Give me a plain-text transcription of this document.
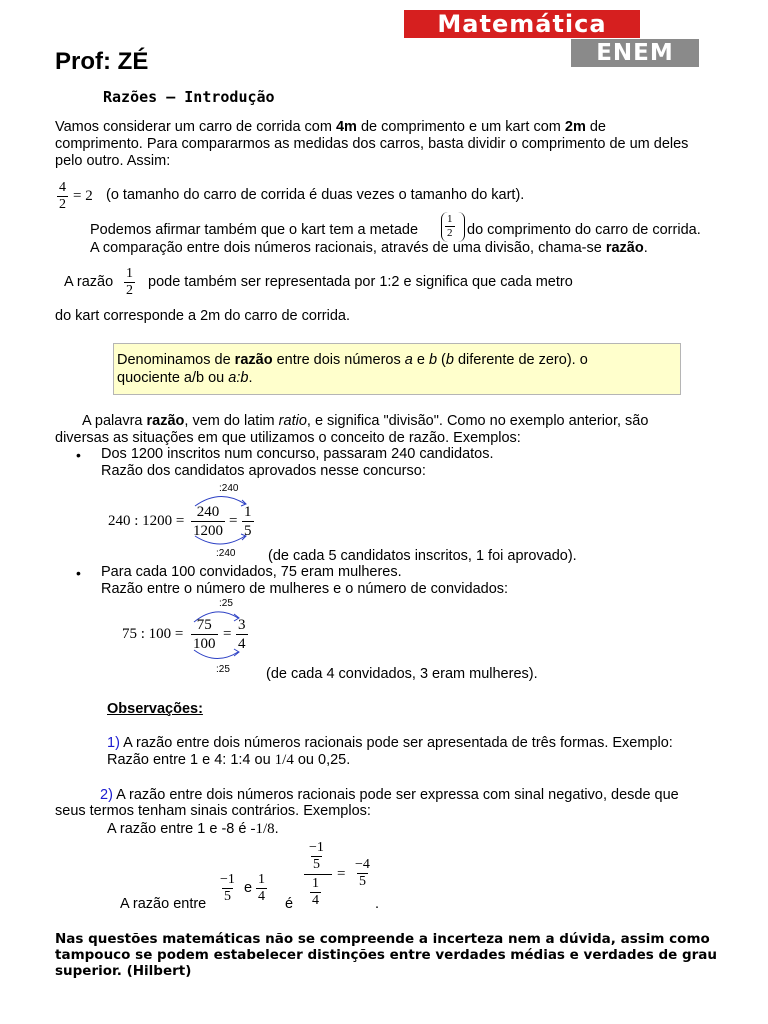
Matemática
ENEM
Prof: ZÉ
Razões – Introdução
Vamos considerar um carro de corrida com 4m de comprimento e um kart com 2m de
comprimento. Para compararmos as medidas dos carros, basta dividir o comprimento de um deles
pelo outro. Assim:
$\frac{4}{2} = 2$ (o tamanho do carro de corrida é duas vezes o tamanho do kart).
Podemos afirmar também que o kart tem a metade $\frac{1}{2}$ do comprimento do carro de corrida.
A comparação entre dois números racionais, através de uma divisão, chama-se razão.
A razão $\frac{1}{2}$ pode também ser representada por 1:2 e significa que cada metro
do kart corresponde a 2m do carro de corrida.
Denominamos de razão entre dois números a e b (b diferente de zero). o
quociente a/b ou a:b.
A palavra razão, vem do latim ratio, e significa "divisão". Como no exemplo anterior, são
diversas as situações em que utilizamos o conceito de razão. Exemplos:
• Dos 1200 inscritos num concurso, passaram 240 candidatos.
Razão dos candidatos aprovados nesse concurso:
:240
240 : $1200 = \frac{240}{1200} = \frac{1}{5}$
:240 (de cada 5 candidatos inscritos, 1 foi aprovado).
• Para cada 100 convidados, 75 eram mulheres.
Razão entre o número de mulheres e o número de convidados:
:25
75 : $100 = \frac{75}{100} = \frac{3}{4}$
:25 (de cada 4 convidados, 3 eram mulheres).
Observações:
1) A razão entre dois números racionais pode ser apresentada de três formas. Exemplo:
Razão entre 1 e 4: 1:4 ou 1/4 ou 0,25.
2) A razão entre dois números racionais pode ser expressa com sinal negativo, desde que
seus termos tenham sinais contrários. Exemplos:
A razão entre 1 e -8 é -1/8.
A razão entre $\frac{-1}{5}$ e $\frac{1}{4}$ é
$\frac{-1}{5}$
$\frac{1}{4}$
= $\frac{-4}{5}$
.
Nas questões matemáticas não se compreende a incerteza nem a dúvida, assim como tampouco se podem estabelecer distinções entre verdades médias e verdades de grau superior. (Hilbert)
